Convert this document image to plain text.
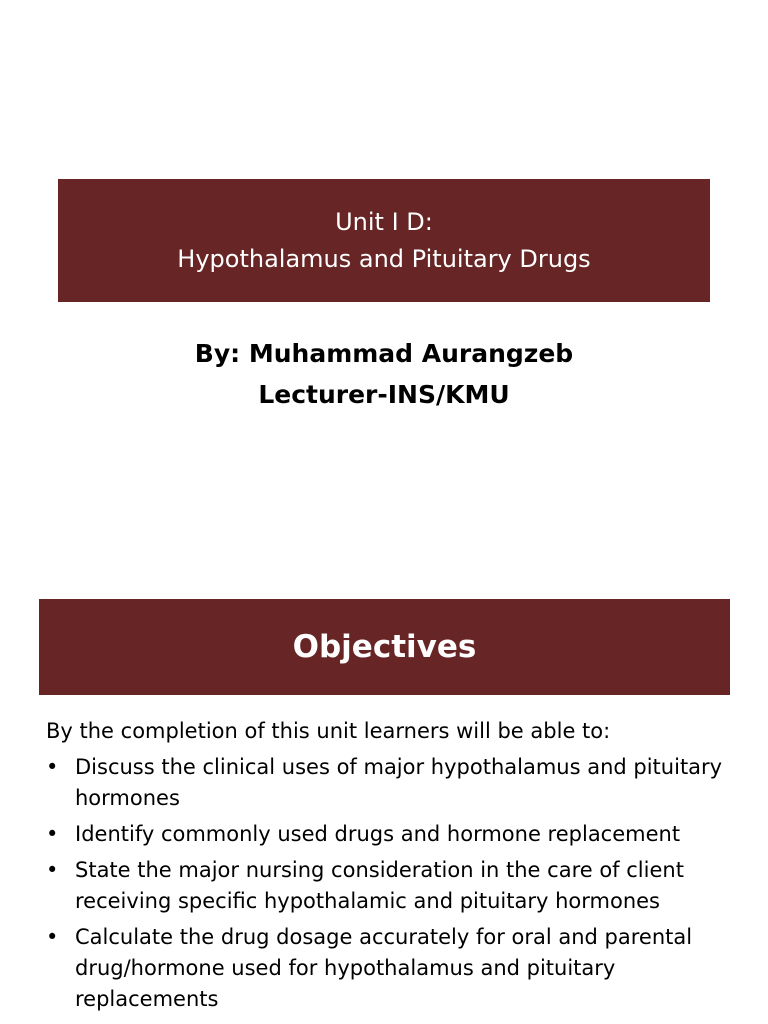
Unit I D:
Hypothalamus and Pituitary Drugs
By: Muhammad Aurangzeb
Lecturer-INS/KMU
Objectives
By the completion of this unit learners will be able to:
• Discuss the clinical uses of major hypothalamus and pituitary hormones
• Identify commonly used drugs and hormone replacement
• State the major nursing consideration in the care of client receiving specific hypothalamic and pituitary hormones
• Calculate the drug dosage accurately for oral and parental drug/hormone used for hypothalamus and pituitary replacements
